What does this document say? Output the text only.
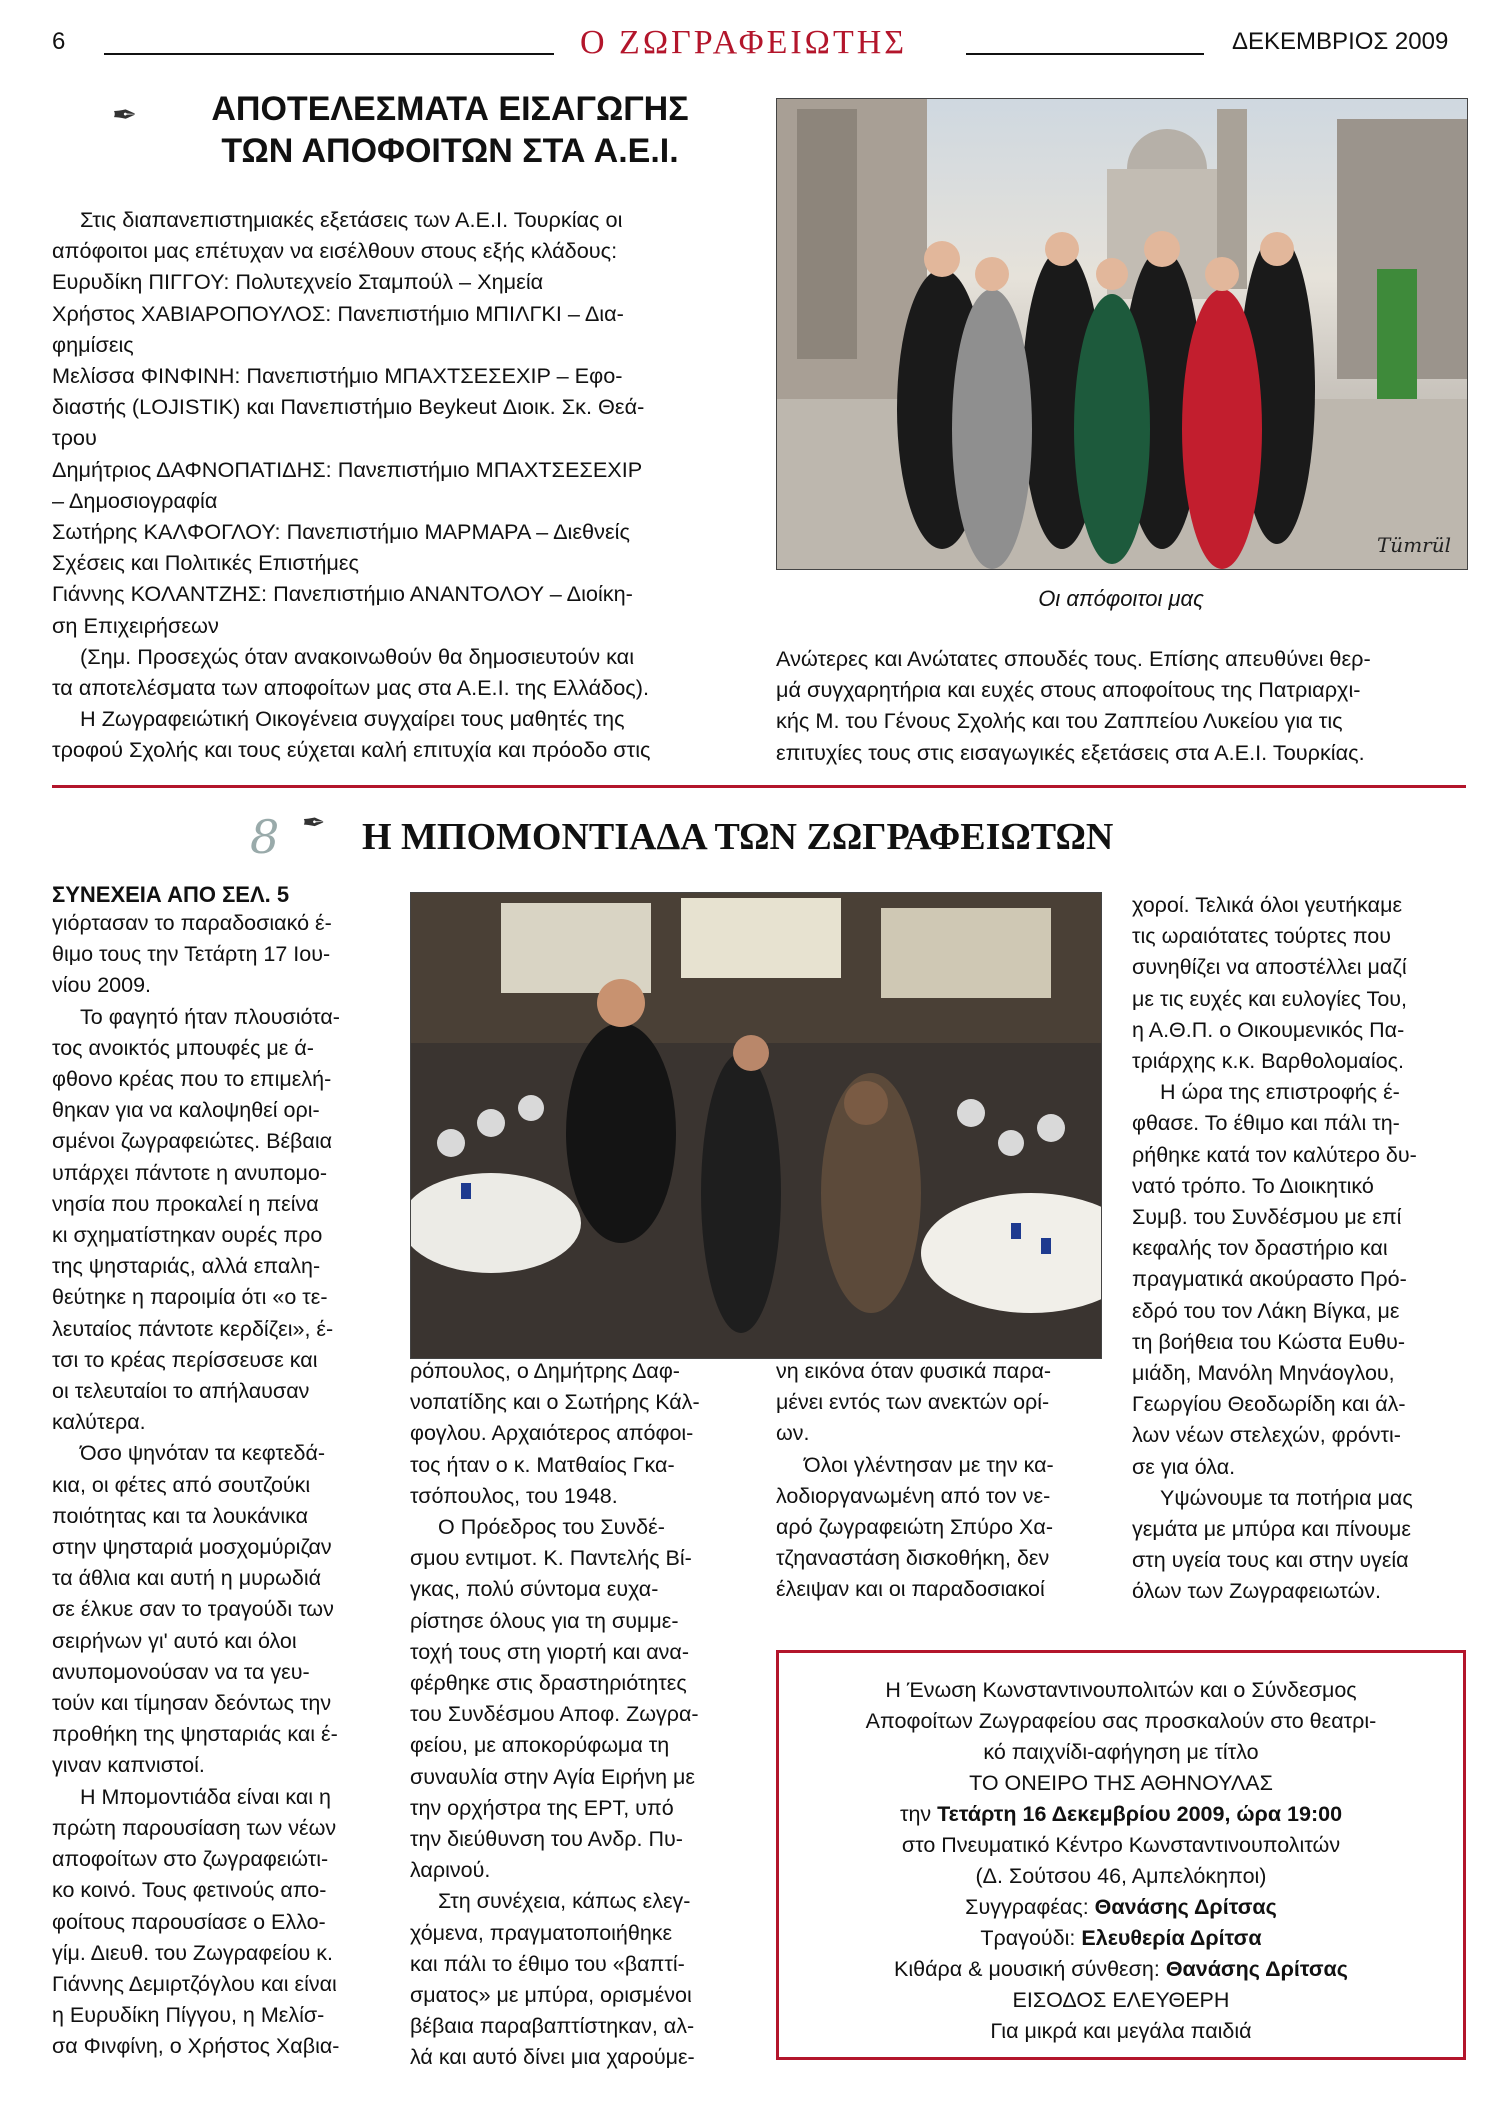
6	Ο ΖΩΓΡΑΦΕΙΩΤΗΣ	ΔΕΚΕΜΒΡΙΟΣ 2009
✒	ΑΠΟΤΕΛΕΣΜΑΤΑ ΕΙΣΑΓΩΓΗΣ
ΤΩΝ ΑΠΟΦΟΙΤΩΝ ΣΤΑ Α.Ε.Ι.

Στις διαπανεπιστημιακές εξετάσεις των Α.Ε.Ι. Τουρκίας οι

απόφοιτοι μας επέτυχαν να εισέλθουν στους εξής κλάδους:

Ευρυδίκη ΠΙΓΓΟΥ: Πολυτεχνείο Σταμπούλ – Χημεία

Χρήστος ΧΑΒΙΑΡΟΠΟΥΛΟΣ: Πανεπιστήμιο ΜΠΙΛΓΚΙ – Δια-

φημίσεις

Μελίσσα ΦΙΝΦΙΝΗ: Πανεπιστήμιο ΜΠΑΧΤΣΕΣΕΧΙΡ – Εφο-

διαστής (LOJISTIK) και Πανεπιστήμιο Beykeut Διοικ. Σκ. Θεά-

τρου

Δημήτριος ΔΑΦΝΟΠΑΤΙΔΗΣ: Πανεπιστήμιο ΜΠΑΧΤΣΕΣΕΧΙΡ

– Δημοσιογραφία

Σωτήρης ΚΑΛΦΟΓΛΟΥ: Πανεπιστήμιο ΜΑΡΜΑΡΑ – Διεθνείς

Σχέσεις και Πολιτικές Επιστήμες

Γιάννης ΚΟΛΑΝΤΖΗΣ: Πανεπιστήμιο ΑΝΑΝΤΟΛΟΥ – Διοίκη-

ση Επιχειρήσεων

(Σημ. Προσεχώς όταν ανακοινωθούν θα δημοσιευτούν και

τα αποτελέσματα των αποφοίτων μας στα Α.Ε.Ι. της Ελλάδος).

Η Ζωγραφειώτική Οικογένεια συγχαίρει τους μαθητές της

τροφού Σχολής και τους εύχεται καλή επιτυχία και πρόοδο στις

Tümrül
Οι απόφοιτοι μας

Ανώτερες και Ανώτατες σπουδές τους. Επίσης απευθύνει θερ-

μά συγχαρητήρια και ευχές στους αποφοίτους της Πατριαρχι-

κής Μ. του Γένους Σχολής και του Ζαππείου Λυκείου για τις

επιτυχίες τους στις εισαγωγικές εξετάσεις στα Α.Ε.Ι. Τουρκίας.

8 ✒ Η ΜΠΟΜΟΝΤΙΑΔΑ ΤΩΝ ΖΩΓΡΑΦΕΙΩΤΩΝ
ΣΥΝΕΧΕΙΑ ΑΠΟ ΣΕΛ. 5

γιόρτασαν το παραδοσιακό έ-

θιμο τους την Τετάρτη 17 Ιου-

νίου 2009.

Το φαγητό ήταν πλουσιότα-

τος ανοικτός μπουφές με ά-

φθονο κρέας που το επιμελή-

θηκαν για να καλοψηθεί ορι-

σμένοι ζωγραφειώτες. Βέβαια

υπάρχει πάντοτε η ανυπομο-

νησία που προκαλεί η πείνα

κι σχηματίστηκαν ουρές προ

της ψησταριάς, αλλά επαλη-

θεύτηκε η παροιμία ότι «ο τε-

λευταίος πάντοτε κερδίζει», έ-

τσι το κρέας περίσσευσε και

οι τελευταίοι το απήλαυσαν

καλύτερα.

Όσο ψηνόταν τα κεφτεδά-

κια, οι φέτες από σουτζούκι

ποιότητας και τα λουκάνικα

στην ψησταριά μοσχομύριζαν

τα άθλια και αυτή η μυρωδιά

σε έλκυε σαν το τραγούδι των

σειρήνων γι' αυτό και όλοι

ανυπομονούσαν να τα γευ-

τούν και τίμησαν δεόντως την

προθήκη της ψησταριάς και έ-

γιναν καπνιστοί.

Η Μπομοντιάδα είναι και η

πρώτη παρουσίαση των νέων

αποφοίτων στο ζωγραφειώτι-

κο κοινό. Τους φετινούς απο-

φοίτους παρουσίασε ο Ελλο-

γίμ. Διευθ. του Ζωγραφείου κ.

Γιάννης Δεμιρτζόγλου και είναι

η Ευρυδίκη Πίγγου, η Μελίσ-

σα Φινφίνη, ο Χρήστος Χαβια-

ρόπουλος, ο Δημήτρης Δαφ-

νοπατίδης και ο Σωτήρης Κάλ-

φογλου. Αρχαιότερος απόφοι-

τος ήταν ο κ. Ματθαίος Γκα-

τσόπουλος, του 1948.

Ο Πρόεδρος του Συνδέ-

σμου εντιμοτ. Κ. Παντελής Βί-

γκας, πολύ σύντομα ευχα-

ρίστησε όλους για τη συμμε-

τοχή τους στη γιορτή και ανα-

φέρθηκε στις δραστηριότητες

του Συνδέσμου Αποφ. Ζωγρα-

φείου, με αποκορύφωμα τη

συναυλία στην Αγία Ειρήνη με

την ορχήστρα της ΕΡΤ, υπό

την διεύθυνση του Ανδρ. Πυ-

λαρινού.

Στη συνέχεια, κάπως ελεγ-

χόμενα, πραγματοποιήθηκε

και πάλι το έθιμο του «βαπτί-

σματος» με μπύρα, ορισμένοι

βέβαια παραβαπτίστηκαν, αλ-

λά και αυτό δίνει μια χαρούμε-

νη εικόνα όταν φυσικά παρα-

μένει εντός των ανεκτών ορί-

ων.

Όλοι γλέντησαν με την κα-

λοδιοργανωμένη από τον νε-

αρό ζωγραφειώτη Σπύρο Χα-

τζηαναστάση δισκοθήκη, δεν

έλειψαν και οι παραδοσιακοί

χοροί. Τελικά όλοι γευτήκαμε

τις ωραιότατες τούρτες που

συνηθίζει να αποστέλλει μαζί

με τις ευχές και ευλογίες Του,

η Α.Θ.Π. ο Οικουμενικός Πα-

τριάρχης κ.κ. Βαρθολομαίος.

Η ώρα της επιστροφής έ-

φθασε. Το έθιμο και πάλι τη-

ρήθηκε κατά τον καλύτερο δυ-

νατό τρόπο. Το Διοικητικό

Συμβ. του Συνδέσμου με επί

κεφαλής τον δραστήριο και

πραγματικά ακούραστο Πρό-

εδρό του τον Λάκη Βίγκα, με

τη βοήθεια του Κώστα Ευθυ-

μιάδη, Μανόλη Μηνάογλου,

Γεωργίου Θεοδωρίδη και άλ-

λων νέων στελεχών, φρόντι-

σε για όλα.

Υψώνουμε τα ποτήρια μας

γεμάτα με μπύρα και πίνουμε

στη υγεία τους και στην υγεία

όλων των Ζωγραφειωτών.

Η Ένωση Κωνσταντινουπολιτών και ο Σύνδεσμος
Αποφοίτων Ζωγραφείου σας προσκαλούν στο θεατρι-
κό παιχνίδι-αφήγηση με τίτλο
ΤΟ ΟΝΕΙΡΟ ΤΗΣ ΑΘΗΝΟΥΛΑΣ
την Τετάρτη 16 Δεκεμβρίου 2009, ώρα 19:00
στο Πνευματικό Κέντρο Κωνσταντινουπολιτών
(Δ. Σούτσου 46, Αμπελόκηποι)
Συγγραφέας: Θανάσης Δρίτσας
Τραγούδι: Ελευθερία Δρίτσα
Κιθάρα & μουσική σύνθεση: Θανάσης Δρίτσας
ΕΙΣΟΔΟΣ ΕΛΕΥΘΕΡΗ
Για μικρά και μεγάλα παιδιά
